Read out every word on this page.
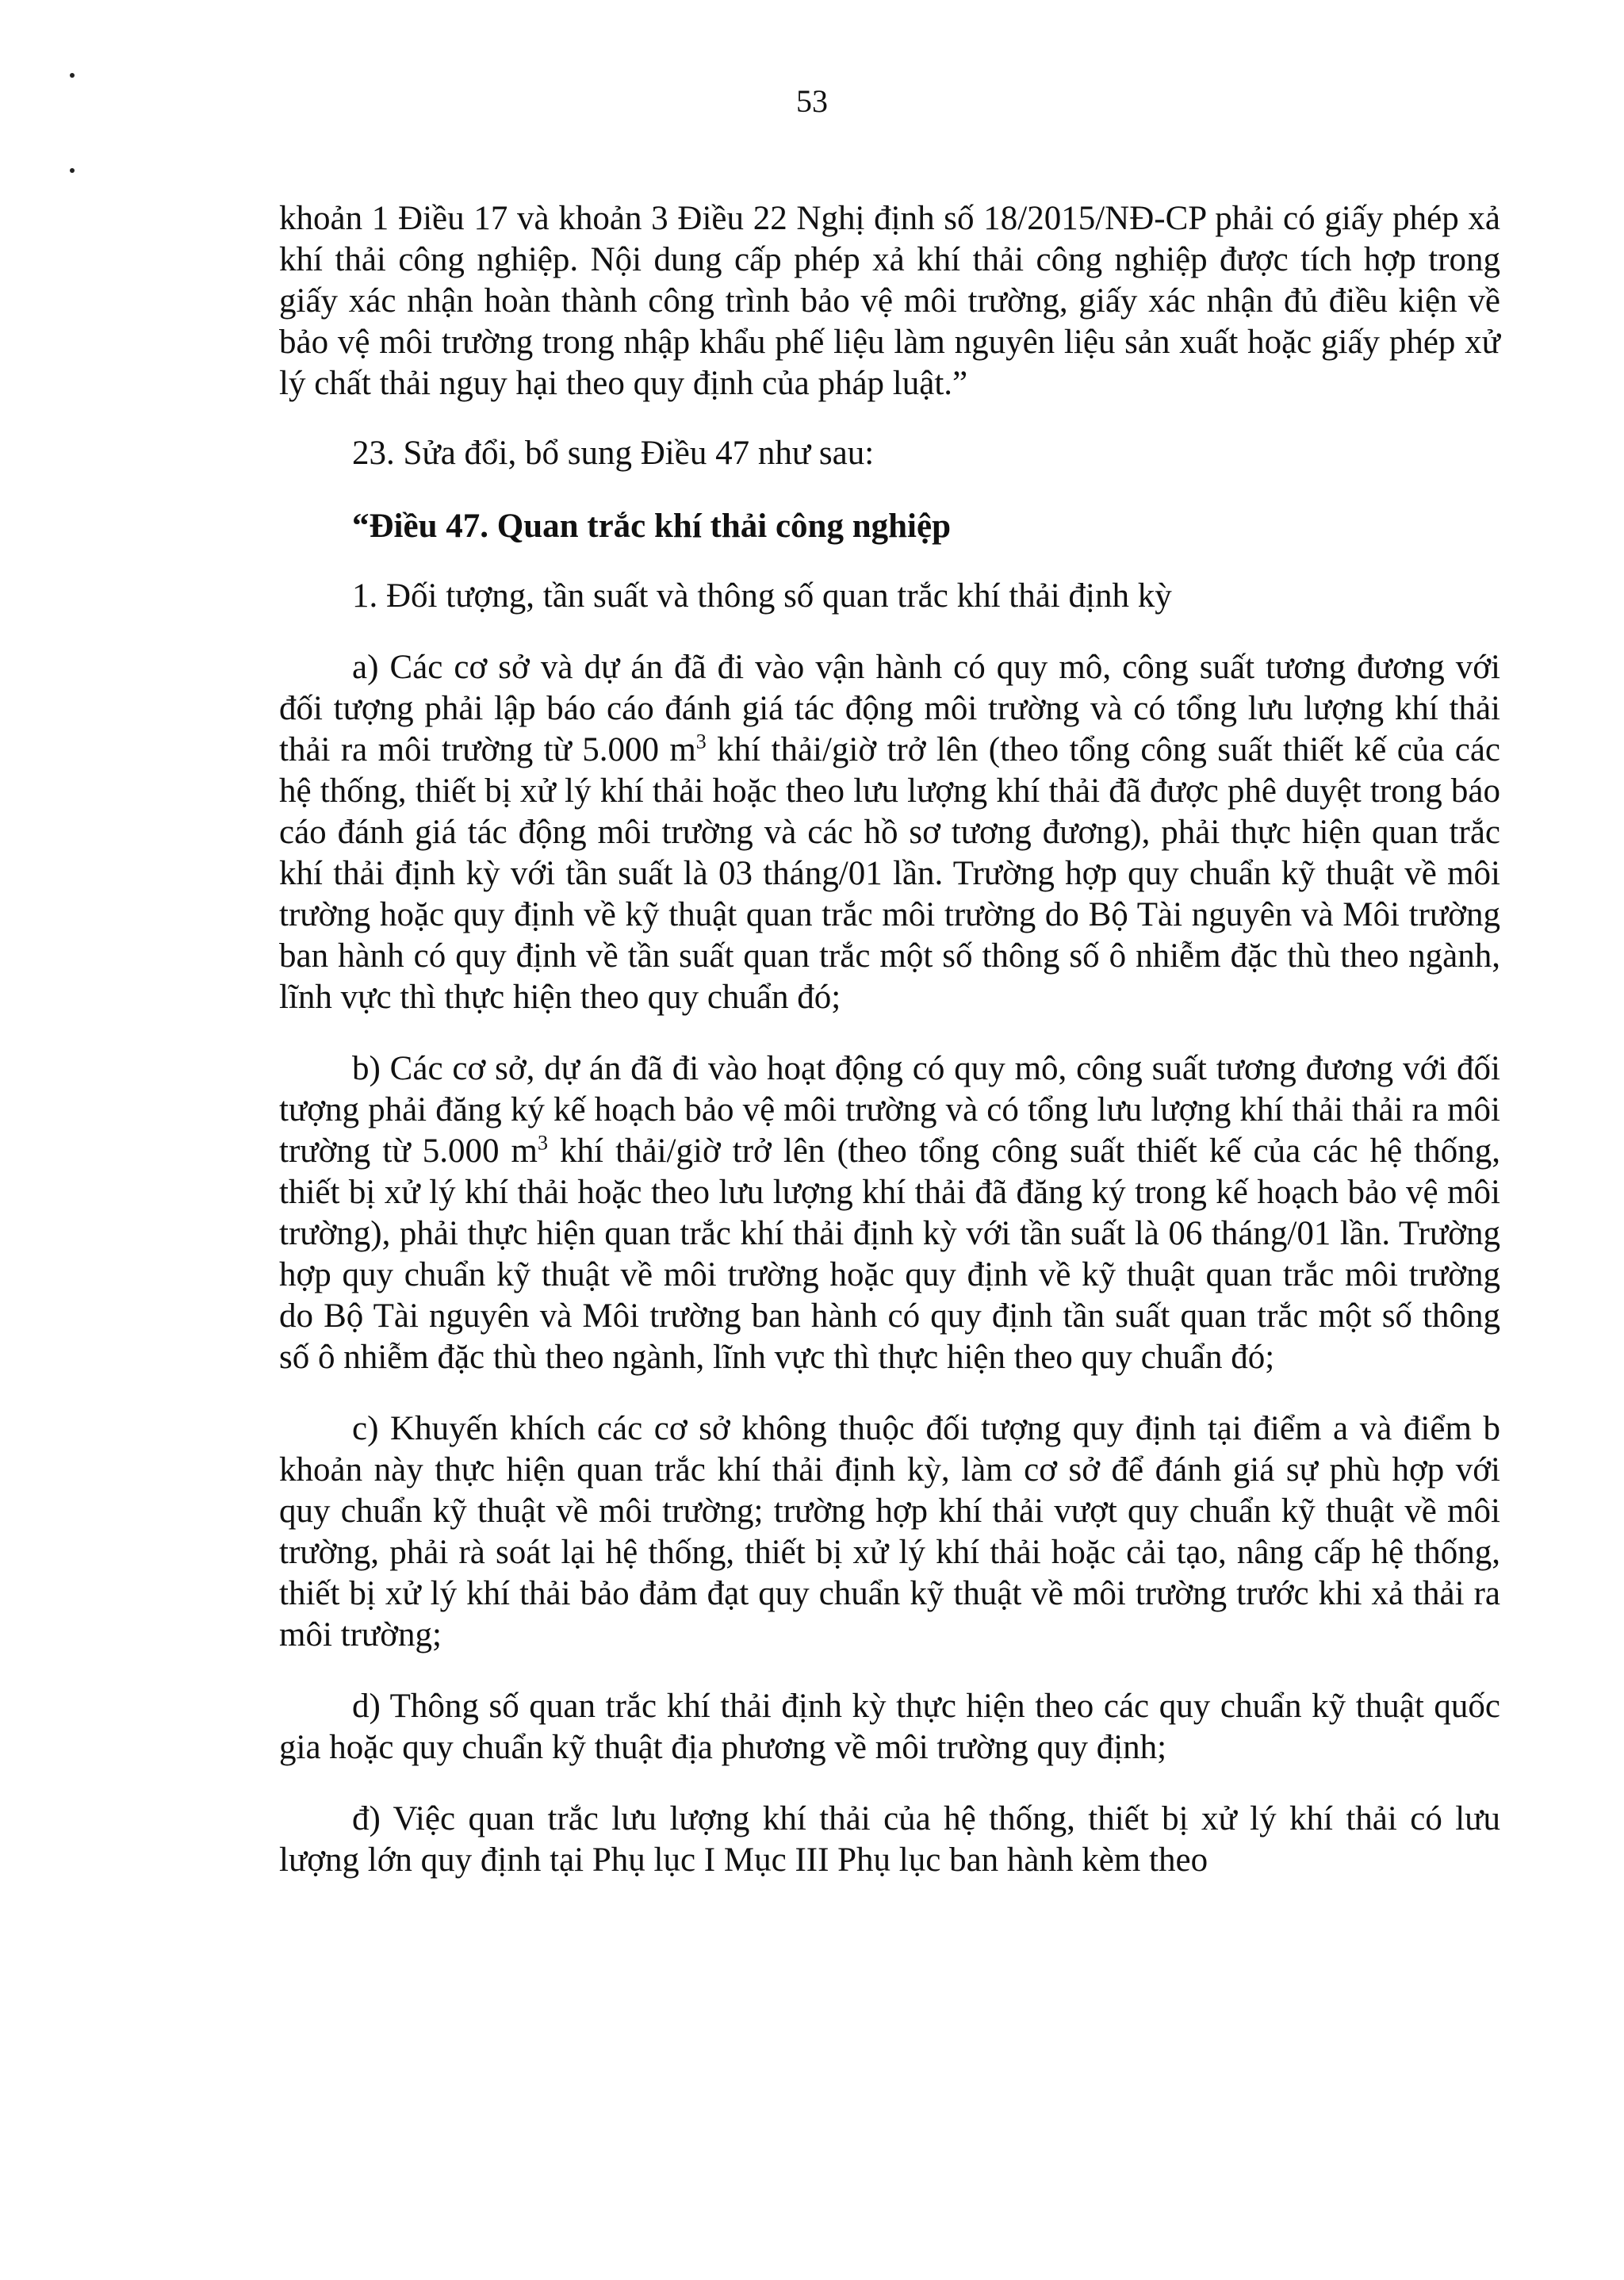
53

khoản 1 Điều 17 và khoản 3 Điều 22 Nghị định số 18/2015/NĐ-CP phải có giấy phép xả khí thải công nghiệp. Nội dung cấp phép xả khí thải công nghiệp được tích hợp trong giấy xác nhận hoàn thành công trình bảo vệ môi trường, giấy xác nhận đủ điều kiện về bảo vệ môi trường trong nhập khẩu phế liệu làm nguyên liệu sản xuất hoặc giấy phép xử lý chất thải nguy hại theo quy định của pháp luật.”

23. Sửa đổi, bổ sung Điều 47 như sau:

“Điều 47. Quan trắc khí thải công nghiệp

1. Đối tượng, tần suất và thông số quan trắc khí thải định kỳ

a) Các cơ sở và dự án đã đi vào vận hành có quy mô, công suất tương đương với đối tượng phải lập báo cáo đánh giá tác động môi trường và có tổng lưu lượng khí thải thải ra môi trường từ 5.000 $m^3$ khí thải/giờ trở lên (theo tổng công suất thiết kế của các hệ thống, thiết bị xử lý khí thải hoặc theo lưu lượng khí thải đã được phê duyệt trong báo cáo đánh giá tác động môi trường và các hồ sơ tương đương), phải thực hiện quan trắc khí thải định kỳ với tần suất là 03 tháng/01 lần. Trường hợp quy chuẩn kỹ thuật về môi trường hoặc quy định về kỹ thuật quan trắc môi trường do Bộ Tài nguyên và Môi trường ban hành có quy định về tần suất quan trắc một số thông số ô nhiễm đặc thù theo ngành, lĩnh vực thì thực hiện theo quy chuẩn đó;

b) Các cơ sở, dự án đã đi vào hoạt động có quy mô, công suất tương đương với đối tượng phải đăng ký kế hoạch bảo vệ môi trường và có tổng lưu lượng khí thải thải ra môi trường từ 5.000 $m^3$ khí thải/giờ trở lên (theo tổng công suất thiết kế của các hệ thống, thiết bị xử lý khí thải hoặc theo lưu lượng khí thải đã đăng ký trong kế hoạch bảo vệ môi trường), phải thực hiện quan trắc khí thải định kỳ với tần suất là 06 tháng/01 lần. Trường hợp quy chuẩn kỹ thuật về môi trường hoặc quy định về kỹ thuật quan trắc môi trường do Bộ Tài nguyên và Môi trường ban hành có quy định tần suất quan trắc một số thông số ô nhiễm đặc thù theo ngành, lĩnh vực thì thực hiện theo quy chuẩn đó;

c) Khuyến khích các cơ sở không thuộc đối tượng quy định tại điểm a và điểm b khoản này thực hiện quan trắc khí thải định kỳ, làm cơ sở để đánh giá sự phù hợp với quy chuẩn kỹ thuật về môi trường; trường hợp khí thải vượt quy chuẩn kỹ thuật về môi trường, phải rà soát lại hệ thống, thiết bị xử lý khí thải hoặc cải tạo, nâng cấp hệ thống, thiết bị xử lý khí thải bảo đảm đạt quy chuẩn kỹ thuật về môi trường trước khi xả thải ra môi trường;

d) Thông số quan trắc khí thải định kỳ thực hiện theo các quy chuẩn kỹ thuật quốc gia hoặc quy chuẩn kỹ thuật địa phương về môi trường quy định;

đ) Việc quan trắc lưu lượng khí thải của hệ thống, thiết bị xử lý khí thải có lưu lượng lớn quy định tại Phụ lục I Mục III Phụ lục ban hành kèm theo
